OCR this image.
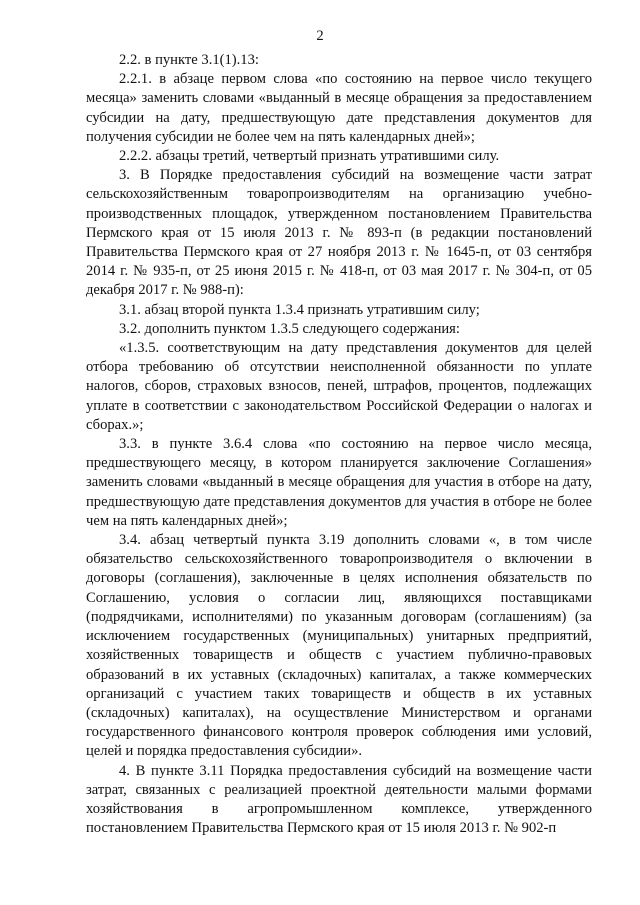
2

2.2. в пункте 3.1(1).13:

2.2.1. в абзаце первом слова «по состоянию на первое число текущего месяца» заменить словами «выданный в месяце обращения за предоставлением субсидии на дату, предшествующую дате представления документов для получения субсидии не более чем на пять календарных дней»;

2.2.2. абзацы третий, четвертый признать утратившими силу.

3. В Порядке предоставления субсидий на возмещение части затрат сельскохозяйственным товаропроизводителям на организацию учебно-производственных площадок, утвержденном постановлением Правительства Пермского края от 15 июля 2013 г. № 893-п (в редакции постановлений Правительства Пермского края от 27 ноября 2013 г. № 1645-п, от 03 сентября 2014 г. № 935-п, от 25 июня 2015 г. № 418-п, от 03 мая 2017 г. № 304-п, от 05 декабря 2017 г. № 988-п):

3.1. абзац второй пункта 1.3.4 признать утратившим силу;

3.2. дополнить пунктом 1.3.5 следующего содержания:

«1.3.5. соответствующим на дату представления документов для целей отбора требованию об отсутствии неисполненной обязанности по уплате налогов, сборов, страховых взносов, пеней, штрафов, процентов, подлежащих уплате в соответствии с законодательством Российской Федерации о налогах и сборах.»;

3.3. в пункте 3.6.4 слова «по состоянию на первое число месяца, предшествующего месяцу, в котором планируется заключение Соглашения» заменить словами «выданный в месяце обращения для участия в отборе на дату, предшествующую дате представления документов для участия в отборе не более чем на пять календарных дней»;

3.4. абзац четвертый пункта 3.19 дополнить словами «, в том числе обязательство сельскохозяйственного товаропроизводителя о включении в договоры (соглашения), заключенные в целях исполнения обязательств по Соглашению, условия о согласии лиц, являющихся поставщиками (подрядчиками, исполнителями) по указанным договорам (соглашениям) (за исключением государственных (муниципальных) унитарных предприятий, хозяйственных товариществ и обществ с участием публично-правовых образований в их уставных (складочных) капиталах, а также коммерческих организаций с участием таких товариществ и обществ в их уставных (складочных) капиталах), на осуществление Министерством и органами государственного финансового контроля проверок соблюдения ими условий, целей и порядка предоставления субсидии».

4. В пункте 3.11 Порядка предоставления субсидий на возмещение части затрат, связанных с реализацией проектной деятельности малыми формами хозяйствования в агропромышленном комплексе, утвержденного постановлением Правительства Пермского края от 15 июля 2013 г. № 902-п
